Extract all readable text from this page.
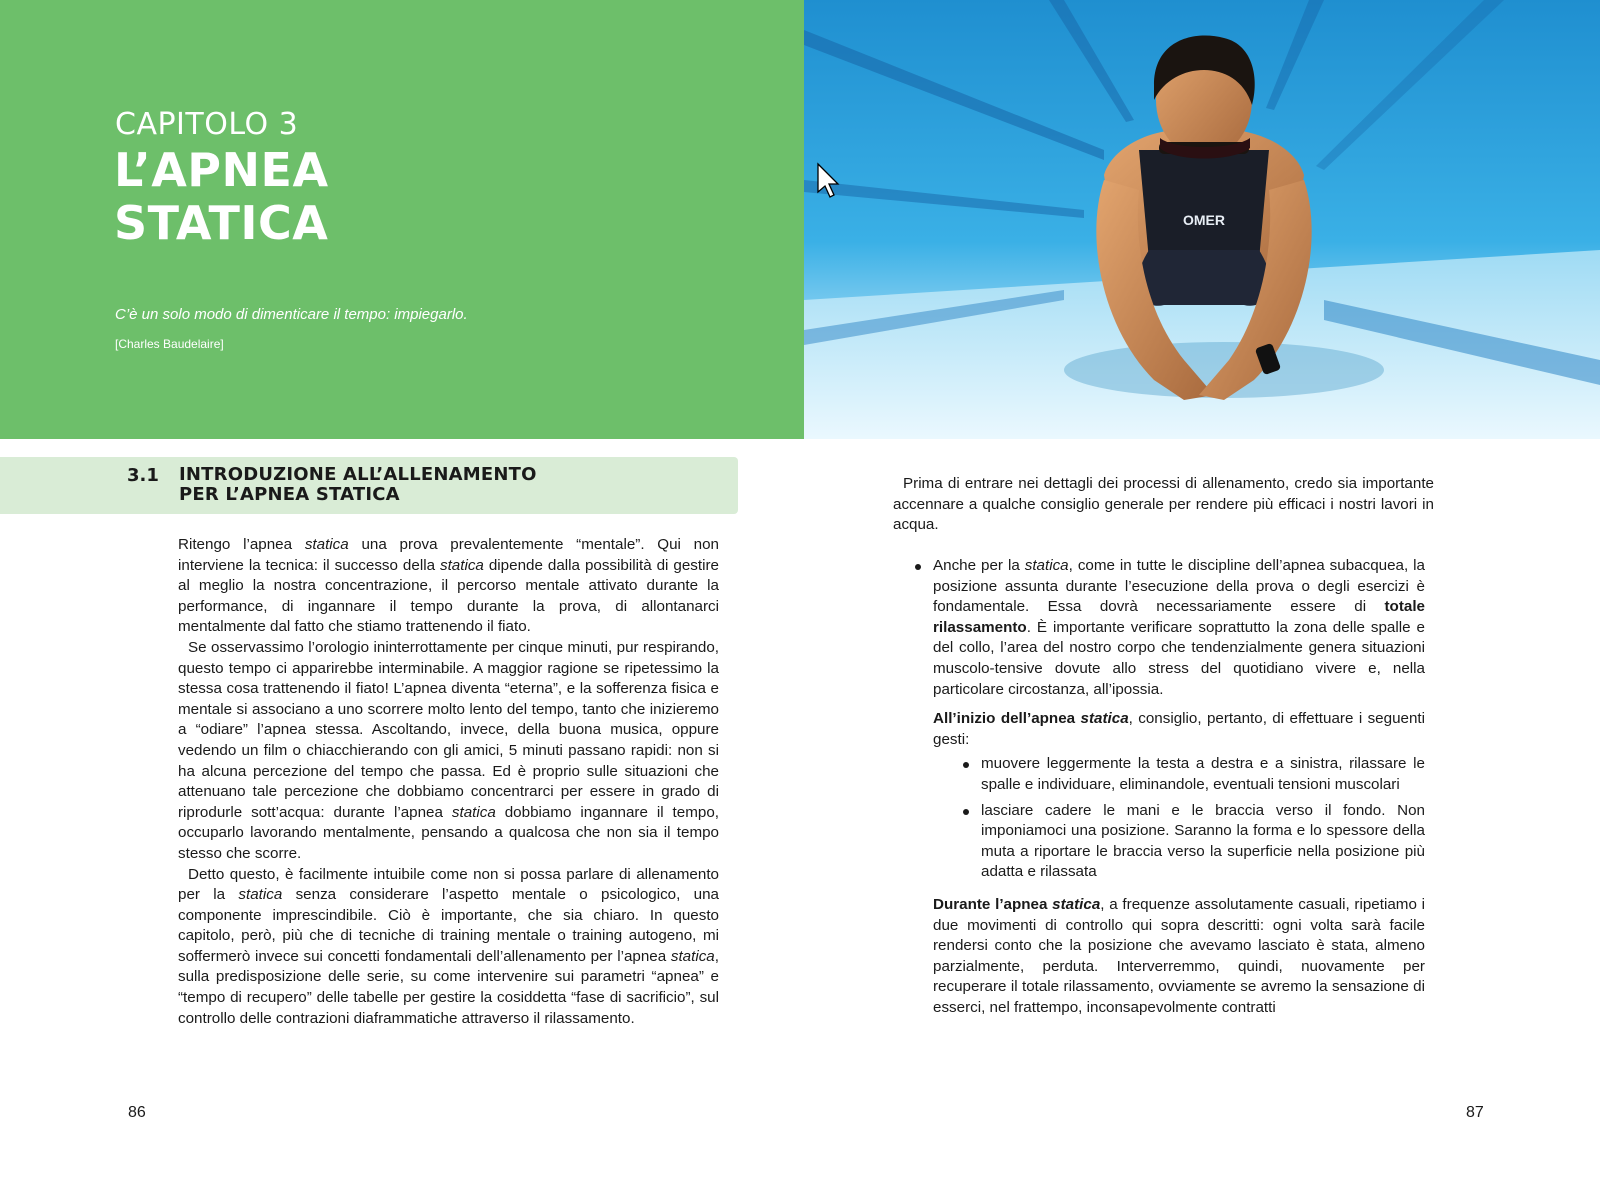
CAPITOLO 3
L’APNEA
STATICA
C’è un solo modo di dimenticare il tempo: impiegarlo.
[Charles Baudelaire]
OMER
3.1 INTRODUZIONE ALL’ALLENAMENTO
PER L’APNEA STATICA

Ritengo l’apnea statica una prova prevalentemente “mentale”. Qui non interviene la tecnica: il successo della statica dipende dalla possibilità di gestire al meglio la nostra concentrazione, il percorso mentale attivato durante la performance, di ingannare il tempo durante la prova, di allontanarci mentalmente dal fatto che stiamo trattenendo il fiato.

Se osservassimo l’orologio ininterrottamente per cinque minuti, pur respirando, questo tempo ci apparirebbe interminabile. A maggior ragione se ripetessimo la stessa cosa trattenendo il fiato! L’apnea diventa “eterna”, e la sofferenza fisica e mentale si associano a uno scorrere molto lento del tempo, tanto che inizieremo a “odiare” l’apnea stessa. Ascoltando, invece, della buona musica, oppure vedendo un film o chiacchierando con gli amici, 5 minuti passano rapidi: non si ha alcuna percezione del tempo che passa. Ed è proprio sulle situazioni che attenuano tale percezione che dobbiamo concentrarci per essere in grado di riprodurle sott’acqua: durante l’apnea statica dobbiamo ingannare il tempo, occuparlo lavorando mentalmente, pensando a qualcosa che non sia il tempo stesso che scorre.

Detto questo, è facilmente intuibile come non si possa parlare di allenamento per la statica senza considerare l’aspetto mentale o psicologico, una componente imprescindibile. Ciò è importante, che sia chiaro. In questo capitolo, però, più che di tecniche di training mentale o training autogeno, mi soffermerò invece sui concetti fondamentali dell’allenamento per l’apnea statica, sulla predisposizione delle serie, su come intervenire sui parametri “apnea” e “tempo di recupero” delle tabelle per gestire la cosiddetta “fase di sacrificio”, sul controllo delle contrazioni diaframmatiche attraverso il rilassamento.

Prima di entrare nei dettagli dei processi di allenamento, credo sia importante accennare a qualche consiglio generale per rendere più efficaci i nostri lavori in acqua.

Anche per la statica, come in tutte le discipline dell’apnea subacquea, la posizione assunta durante l’esecuzione della prova o degli esercizi è fondamentale. Essa dovrà necessariamente essere di totale rilassamento. È importante verificare soprattutto la zona delle spalle e del collo, l’area del nostro corpo che tendenzialmente genera situazioni muscolo-tensive dovute allo stress del quotidiano vivere e, nella particolare circostanza, all’ipossia.

All’inizio dell’apnea statica, consiglio, pertanto, di effettuare i seguenti gesti:

muovere leggermente la testa a destra e a sinistra, rilassare le spalle e individuare, eliminandole, eventuali tensioni muscolari
lasciare cadere le mani e le braccia verso il fondo. Non imponiamoci una posizione. Saranno la forma e lo spessore della muta a riportare le braccia verso la superficie nella posizione più adatta e rilassata

Durante l’apnea statica, a frequenze assolutamente casuali, ripetiamo i due movimenti di controllo qui sopra descritti: ogni volta sarà facile rendersi conto che la posizione che avevamo lasciato è stata, almeno parzialmente, perduta. Interverremmo, quindi, nuovamente per recuperare il totale rilassamento, ovviamente se avremo la sensazione di esserci, nel frattempo, inconsapevolmente contratti

86	87
